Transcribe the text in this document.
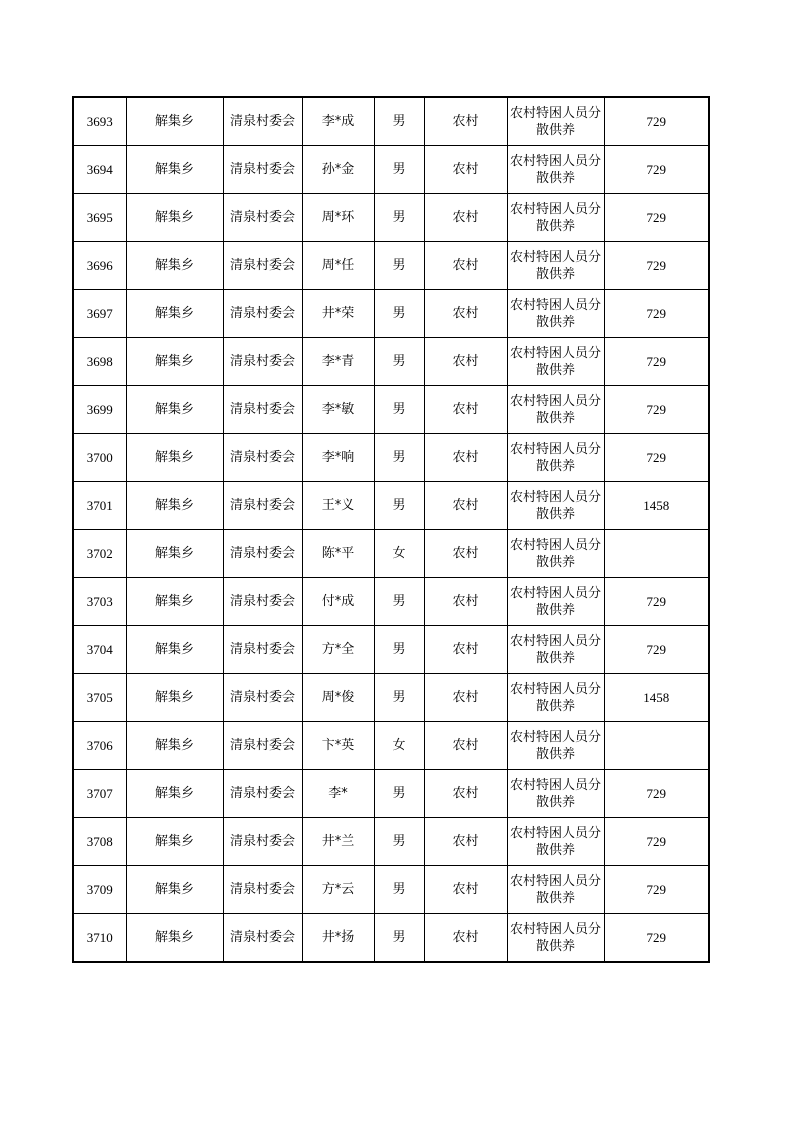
3693	解集乡	清泉村委会	李*成	男	农村	农村特困人员分散供养	729
3694	解集乡	清泉村委会	孙*金	男	农村	农村特困人员分散供养	729
3695	解集乡	清泉村委会	周*环	男	农村	农村特困人员分散供养	729
3696	解集乡	清泉村委会	周*任	男	农村	农村特困人员分散供养	729
3697	解集乡	清泉村委会	井*荣	男	农村	农村特困人员分散供养	729
3698	解集乡	清泉村委会	李*青	男	农村	农村特困人员分散供养	729
3699	解集乡	清泉村委会	李*敏	男	农村	农村特困人员分散供养	729
3700	解集乡	清泉村委会	李*响	男	农村	农村特困人员分散供养	729
3701	解集乡	清泉村委会	王*义	男	农村	农村特困人员分散供养	1458
3702	解集乡	清泉村委会	陈*平	女	农村	农村特困人员分散供养	
3703	解集乡	清泉村委会	付*成	男	农村	农村特困人员分散供养	729
3704	解集乡	清泉村委会	方*全	男	农村	农村特困人员分散供养	729
3705	解集乡	清泉村委会	周*俊	男	农村	农村特困人员分散供养	1458
3706	解集乡	清泉村委会	卞*英	女	农村	农村特困人员分散供养	
3707	解集乡	清泉村委会	李*	男	农村	农村特困人员分散供养	729
3708	解集乡	清泉村委会	井*兰	男	农村	农村特困人员分散供养	729
3709	解集乡	清泉村委会	方*云	男	农村	农村特困人员分散供养	729
3710	解集乡	清泉村委会	井*扬	男	农村	农村特困人员分散供养	729
